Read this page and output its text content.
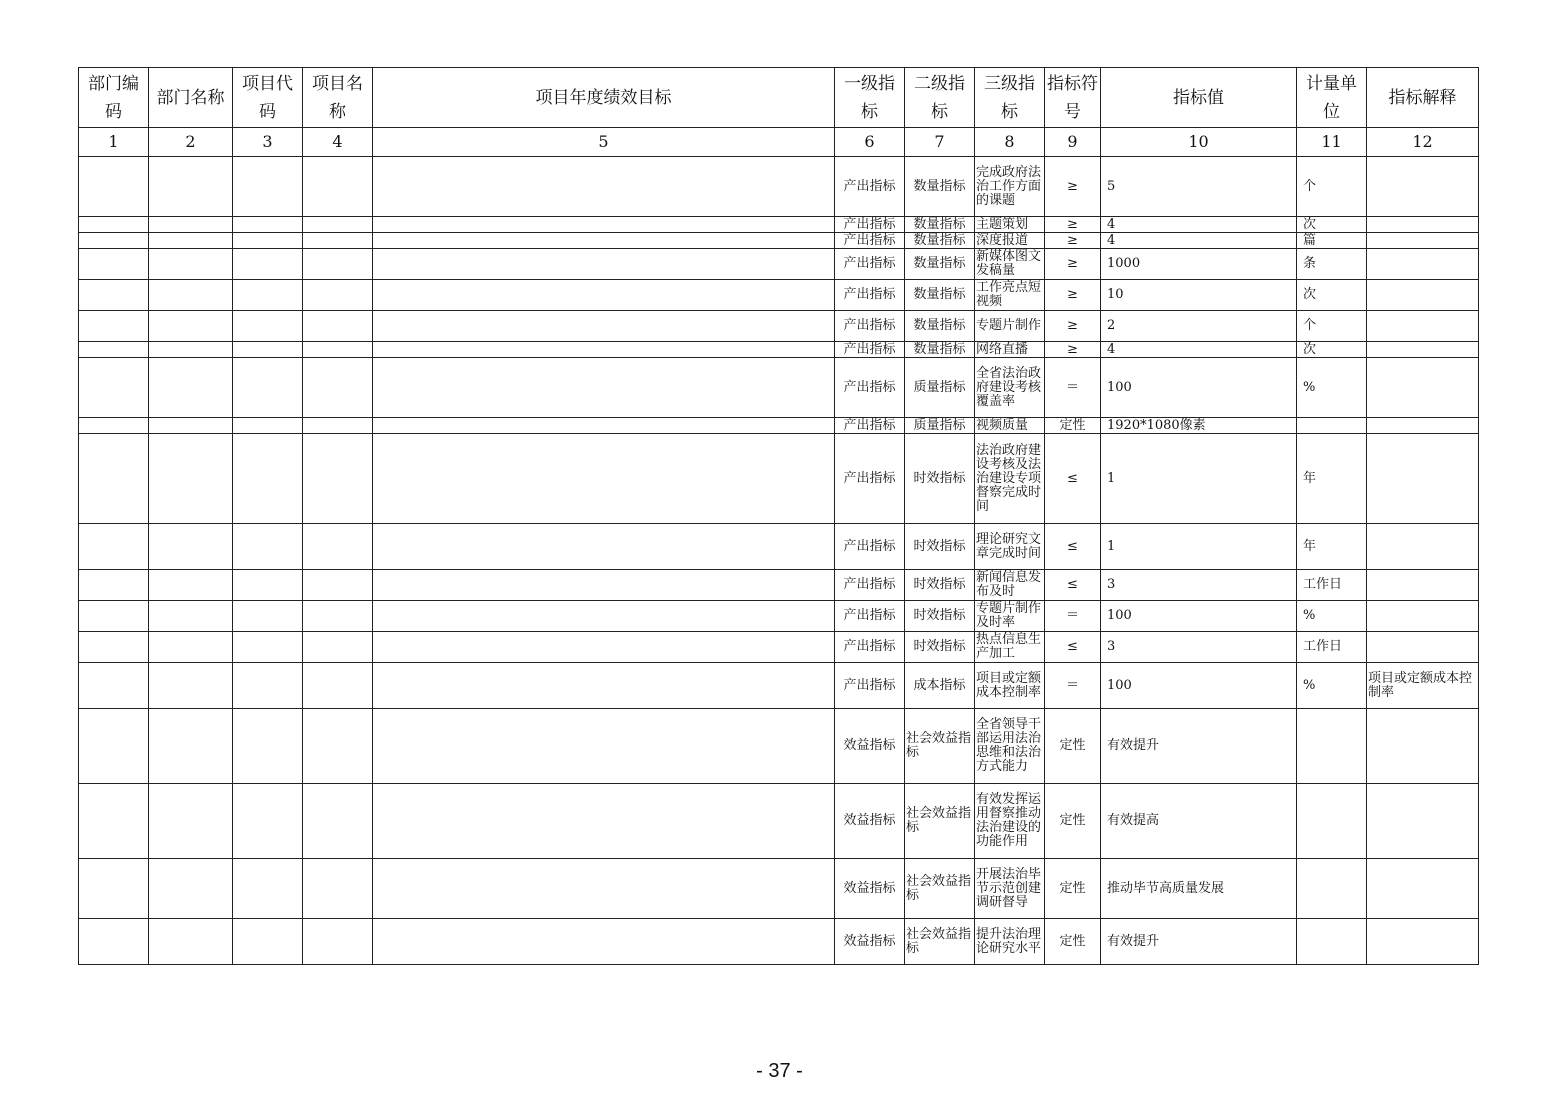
部门编码	部门名称	项目代码	项目名称	项目年度绩效目标	一级指标	二级指标	三级指标	指标符号	指标值	计量单位	指标解释
1	2	3	4	5	6	7	8	9	10	11	12
					产出指标	数量指标	完成政府法治工作方面的课题	≥	5	个	
					产出指标	数量指标	主题策划	≥	4	次	
					产出指标	数量指标	深度报道	≥	4	篇	
					产出指标	数量指标	新媒体图文发稿量	≥	1000	条	
					产出指标	数量指标	工作亮点短视频	≥	10	次	
					产出指标	数量指标	专题片制作	≥	2	个	
					产出指标	数量指标	网络直播	≥	4	次	
					产出指标	质量指标	全省法治政府建设考核覆盖率	＝	100	%	
					产出指标	质量指标	视频质量	定性	1920*1080像素		
					产出指标	时效指标	法治政府建设考核及法治建设专项督察完成时间	≤	1	年	
					产出指标	时效指标	理论研究文章完成时间	≤	1	年	
					产出指标	时效指标	新闻信息发布及时	≤	3	工作日	
					产出指标	时效指标	专题片制作及时率	＝	100	%	
					产出指标	时效指标	热点信息生产加工	≤	3	工作日	
					产出指标	成本指标	项目或定额成本控制率	＝	100	%	项目或定额成本控制率
					效益指标	社会效益指标	全省领导干部运用法治思维和法治方式能力	定性	有效提升		
					效益指标	社会效益指标	有效发挥运用督察推动法治建设的功能作用	定性	有效提高		
					效益指标	社会效益指标	开展法治毕节示范创建调研督导	定性	推动毕节高质量发展		
					效益指标	社会效益指标	提升法治理论研究水平	定性	有效提升		
- 37 -
